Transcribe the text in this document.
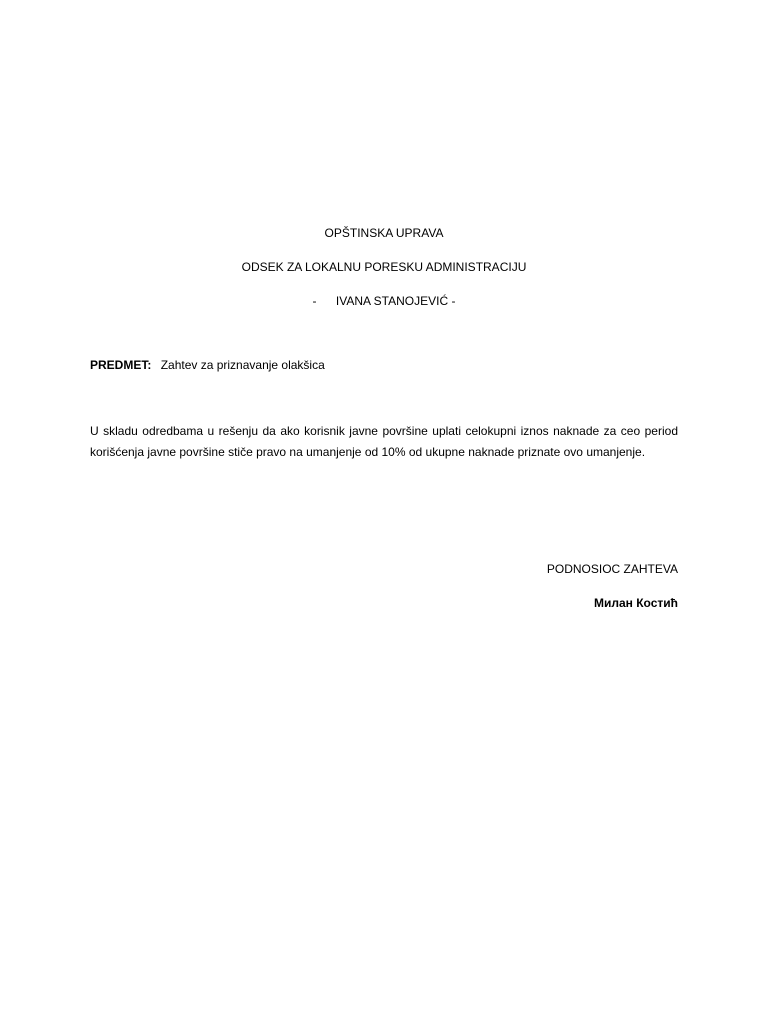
OPŠTINSKA UPRAVA
ODSEK ZA LOKALNU PORESKU ADMINISTRACIJU
- IVANA STANOJEVIĆ -
PREDMET: Zahtev za priznavanje olakšica
U skladu odredbama u rešenju da ako korisnik javne površine uplati celokupni iznos naknade za ceo period korišćenja javne površine stiče pravo na umanjenje od 10% od ukupne naknade priznate ovo umanjenje.
PODNOSIOC ZAHTEVA
Милан Костић
